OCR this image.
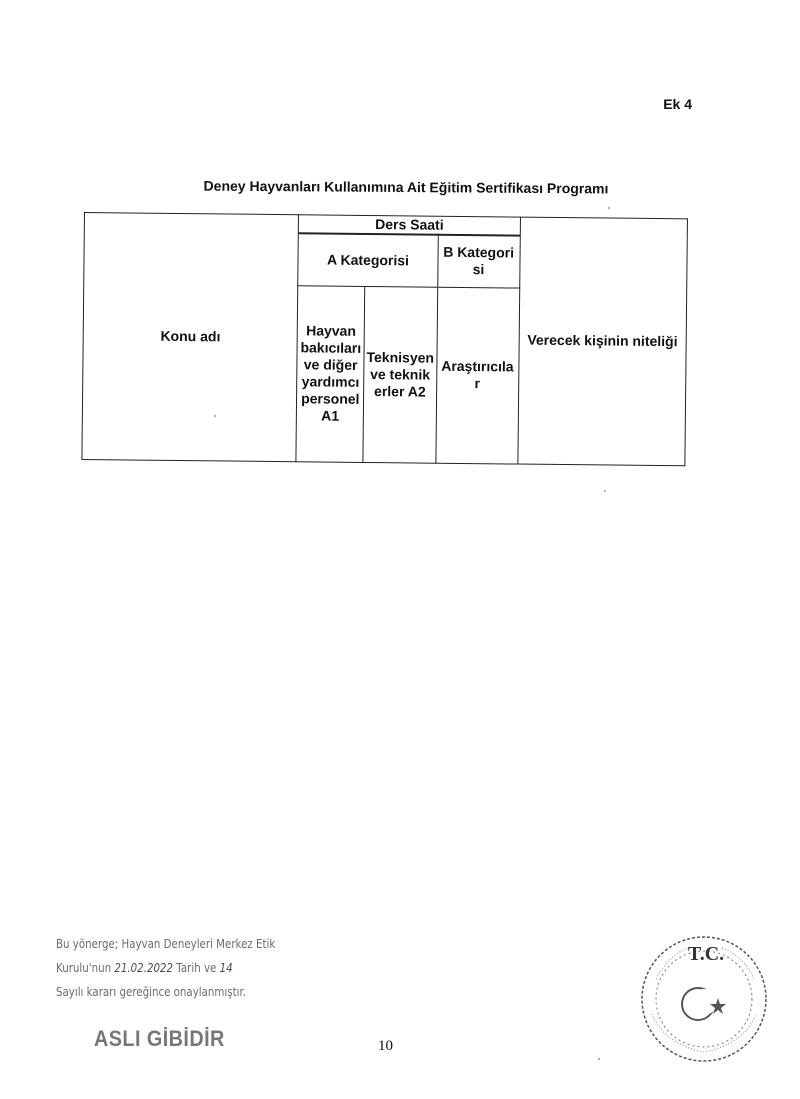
Ek 4
Deney Hayvanları Kullanımına Ait Eğitim Sertifikası Programı
Konu adı	Ders Saati			Verecek kişinin niteliği
	A Kategorisi		B Kategorisi	
	Hayvan bakıcıları ve diğer yardımcı personel A1	Teknisyen ve teknikerler A2	Araştırıcılar	
Bu yönerge; Hayvan Deneyleri Merkez Etik
Kurulu'nun 21.02.2022 Tarih ve 14
Sayılı kararı gereğince onaylanmıştır.
ASLI GİBİDİR	10
T.C.
